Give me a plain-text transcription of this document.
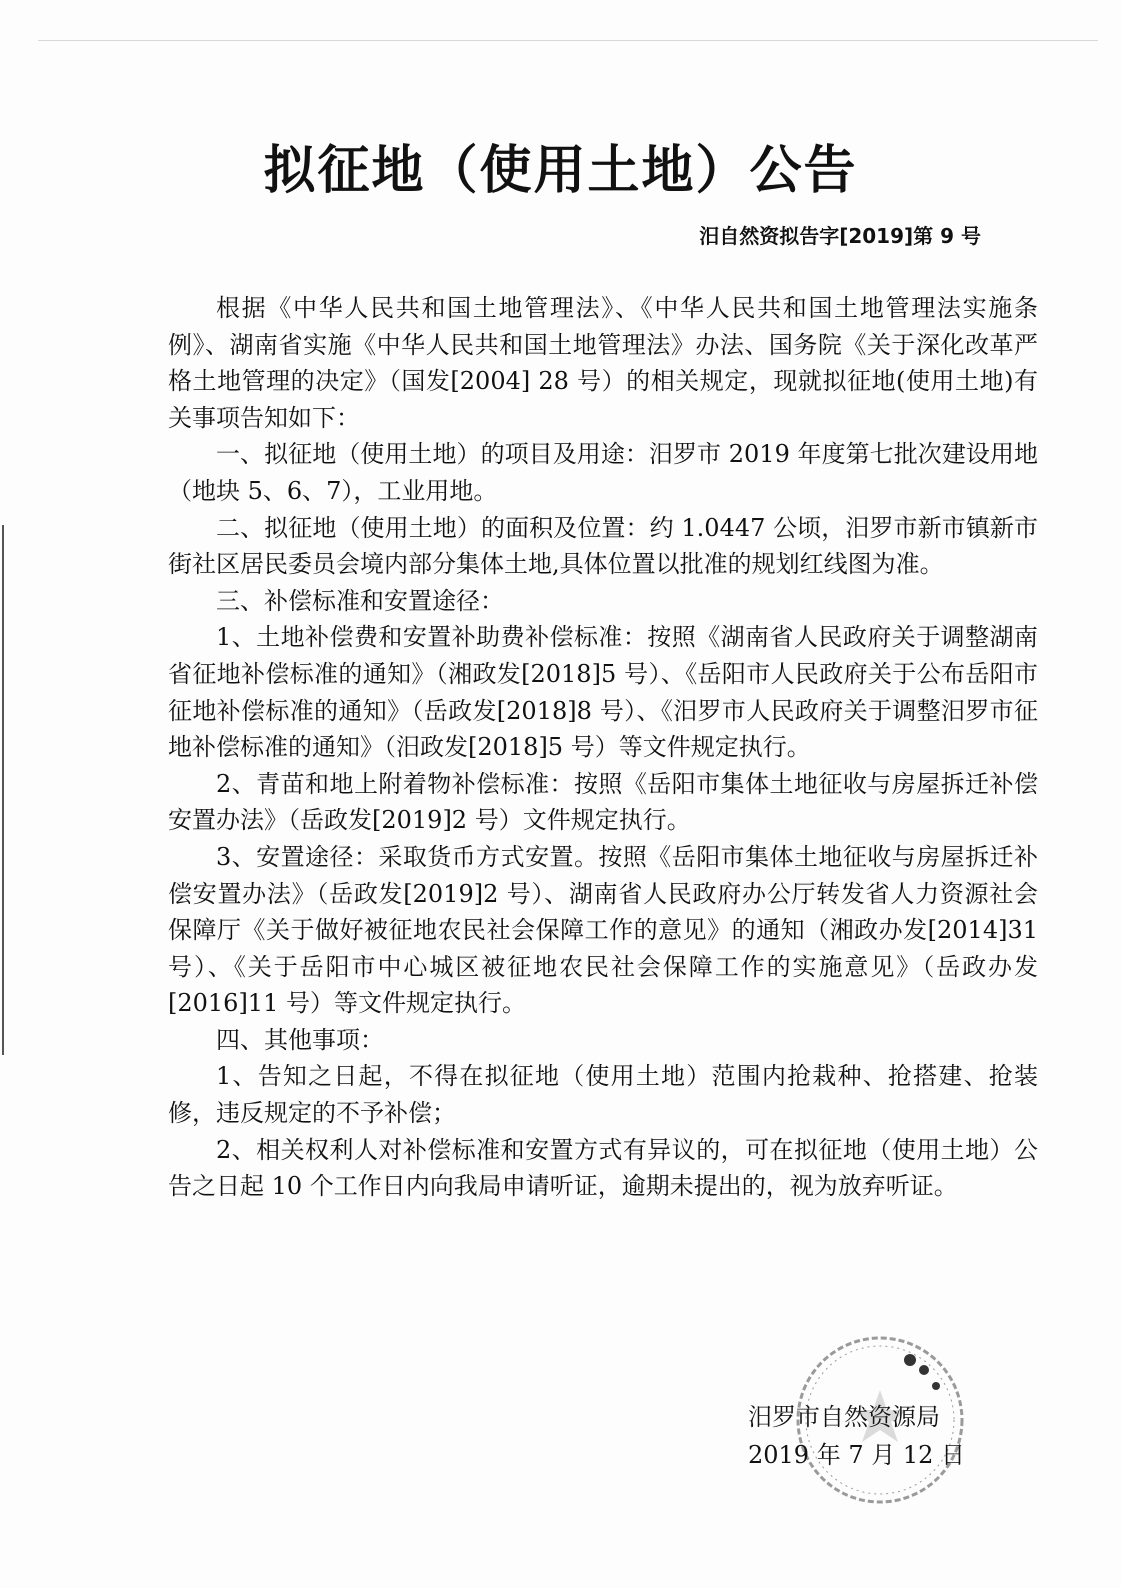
拟征地（使用土地）公告
汨自然资拟告字[2019]第 9 号

根据《中华人民共和国土地管理法》、《中华人民共和国土地管理法实施条例》、湖南省实施《中华人民共和国土地管理法》办法、国务院《关于深化改革严格土地管理的决定》（国发[2004] 28 号）的相关规定，现就拟征地(使用土地)有关事项告知如下：

一、拟征地（使用土地）的项目及用途：汨罗市 2019 年度第七批次建设用地（地块 5、6、7），工业用地。

二、拟征地（使用土地）的面积及位置：约 1.0447 公顷，汨罗市新市镇新市街社区居民委员会境内部分集体土地,具体位置以批准的规划红线图为准。

三、补偿标准和安置途径：

1、土地补偿费和安置补助费补偿标准：按照《湖南省人民政府关于调整湖南省征地补偿标准的通知》（湘政发[2018]5 号）、《岳阳市人民政府关于公布岳阳市征地补偿标准的通知》（岳政发[2018]8 号）、《汨罗市人民政府关于调整汨罗市征地补偿标准的通知》（汨政发[2018]5 号）等文件规定执行。

2、青苗和地上附着物补偿标准：按照《岳阳市集体土地征收与房屋拆迁补偿安置办法》（岳政发[2019]2 号）文件规定执行。

3、安置途径：采取货币方式安置。按照《岳阳市集体土地征收与房屋拆迁补偿安置办法》（岳政发[2019]2 号）、湖南省人民政府办公厅转发省人力资源社会保障厅《关于做好被征地农民社会保障工作的意见》的通知（湘政办发[2014]31 号）、《关于岳阳市中心城区被征地农民社会保障工作的实施意见》（岳政办发[2016]11 号）等文件规定执行。

四、其他事项：

1、告知之日起，不得在拟征地（使用土地）范围内抢栽种、抢搭建、抢装修，违反规定的不予补偿；

2、相关权利人对补偿标准和安置方式有异议的，可在拟征地（使用土地）公告之日起 10 个工作日内向我局申请听证，逾期未提出的，视为放弃听证。

汨罗市自然资源局
2019 年 7 月 12 日
